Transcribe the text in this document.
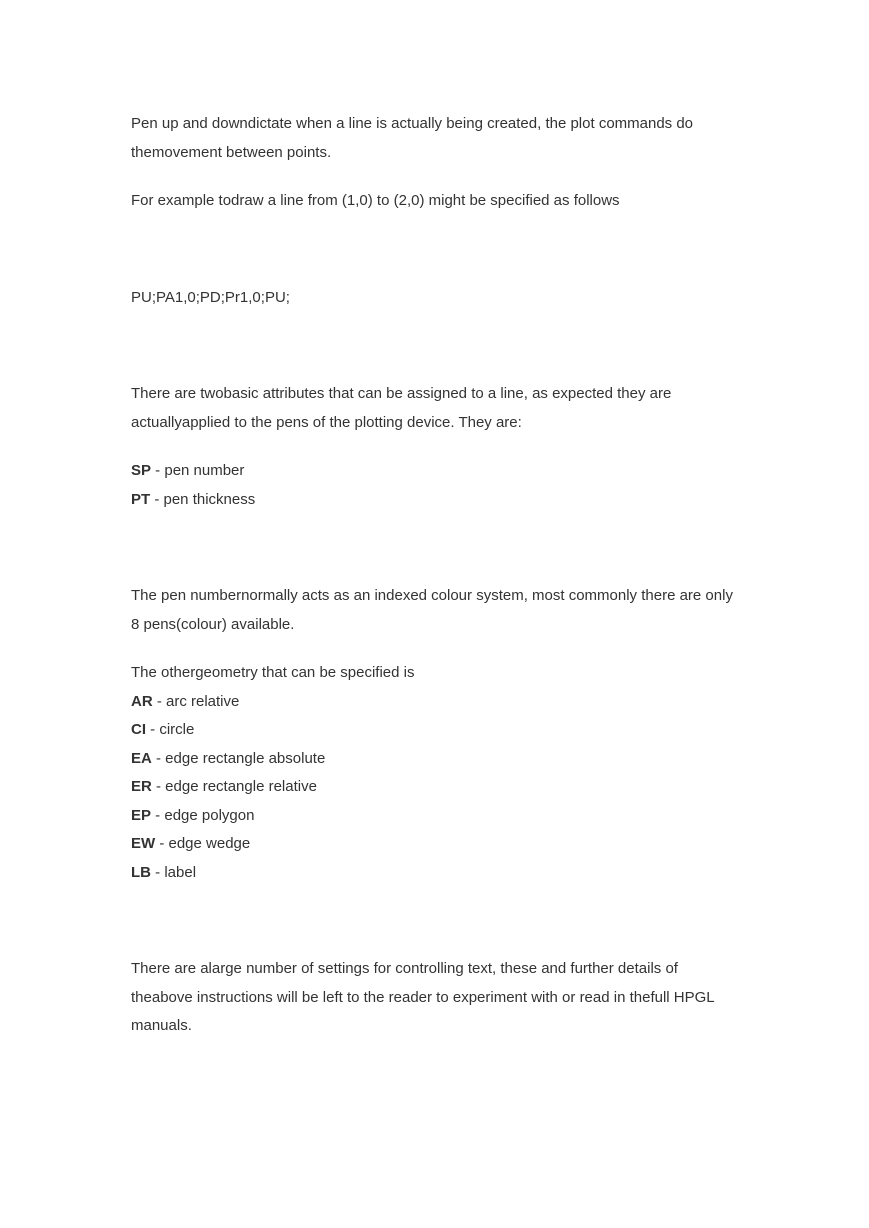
Pen up and downdictate when a line is actually being created, the plot commands do themovement between points.

For example todraw a line from (1,0) to (2,0) might be specified as follows

PU;PA1,0;PD;Pr1,0;PU;

There are twobasic attributes that can be assigned to a line, as expected they are actuallyapplied to the pens of the plotting device. They are:

SP - pen number
PT - pen thickness

The pen numbernormally acts as an indexed colour system, most commonly there are only 8 pens(colour) available.

The othergeometry that can be specified is

AR - arc relative
CI - circle
EA - edge rectangle absolute
ER - edge rectangle relative
EP - edge polygon
EW - edge wedge
LB - label

There are alarge number of settings for controlling text, these and further details of theabove instructions will be left to the reader to experiment with or read in thefull HPGL manuals.
